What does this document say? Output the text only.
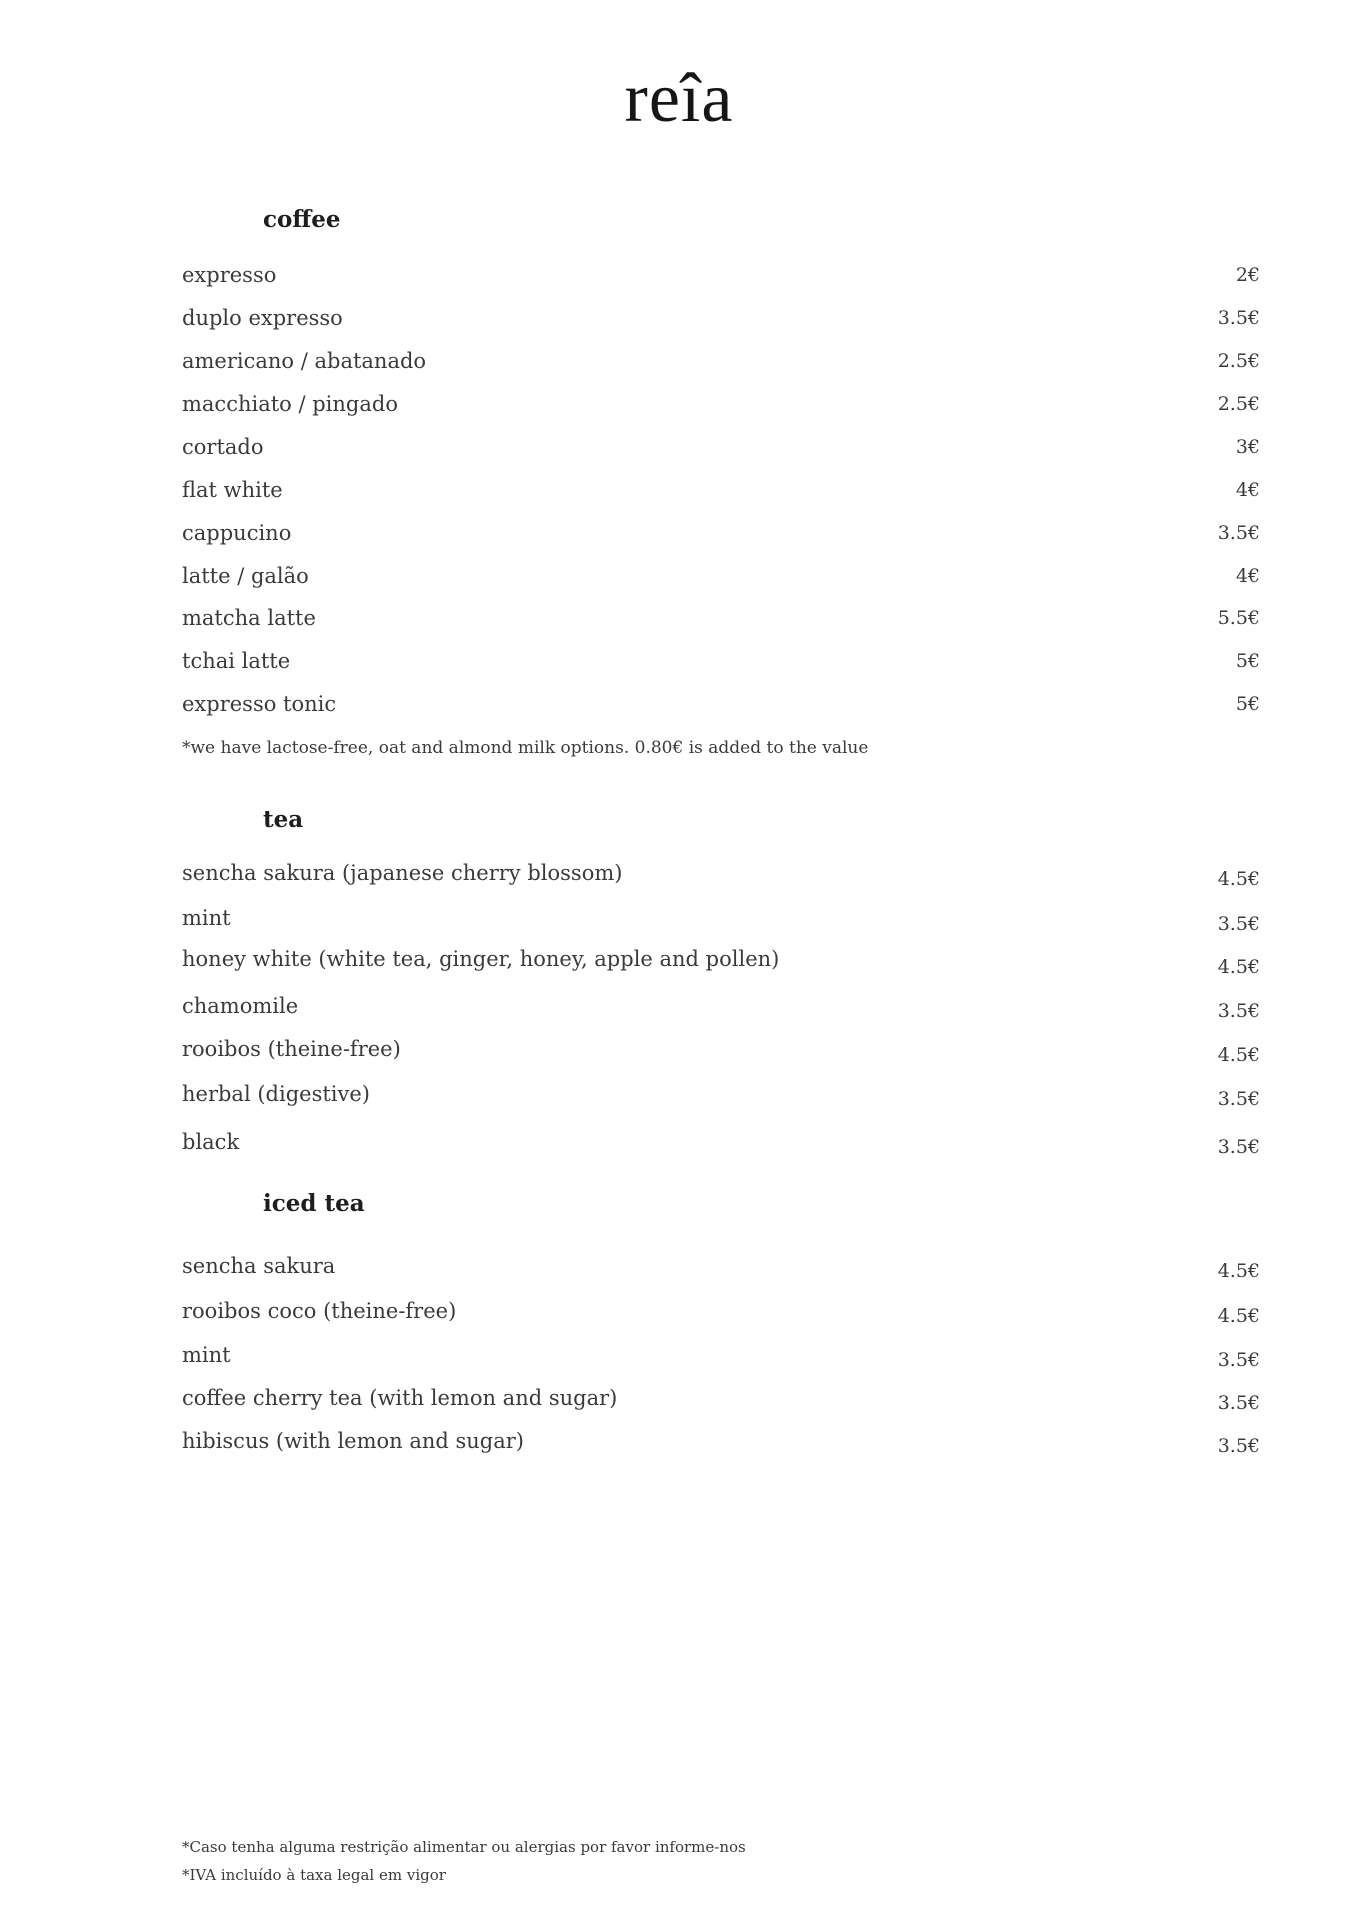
reîa
coffee
expresso	2€
duplo expresso	3.5€
americano / abatanado	2.5€
macchiato / pingado	2.5€
cortado	3€
flat white	4€
cappucino	3.5€
latte / galão	4€
matcha latte	5.5€
tchai latte	5€
expresso tonic	5€
*we have lactose-free, oat and almond milk options. 0.80€ is added to the value
tea
sencha sakura (japanese cherry blossom)	4.5€
mint	3.5€
honey white (white tea, ginger, honey, apple and pollen)	4.5€
chamomile	3.5€
rooibos (theine-free)	4.5€
herbal (digestive)	3.5€
black	3.5€
iced tea
sencha sakura	4.5€
rooibos coco (theine-free)	4.5€
mint	3.5€
coffee cherry tea (with lemon and sugar)	3.5€
hibiscus (with lemon and sugar)	3.5€
*Caso tenha alguma restrição alimentar ou alergias por favor informe-nos
*IVA incluído à taxa legal em vigor
